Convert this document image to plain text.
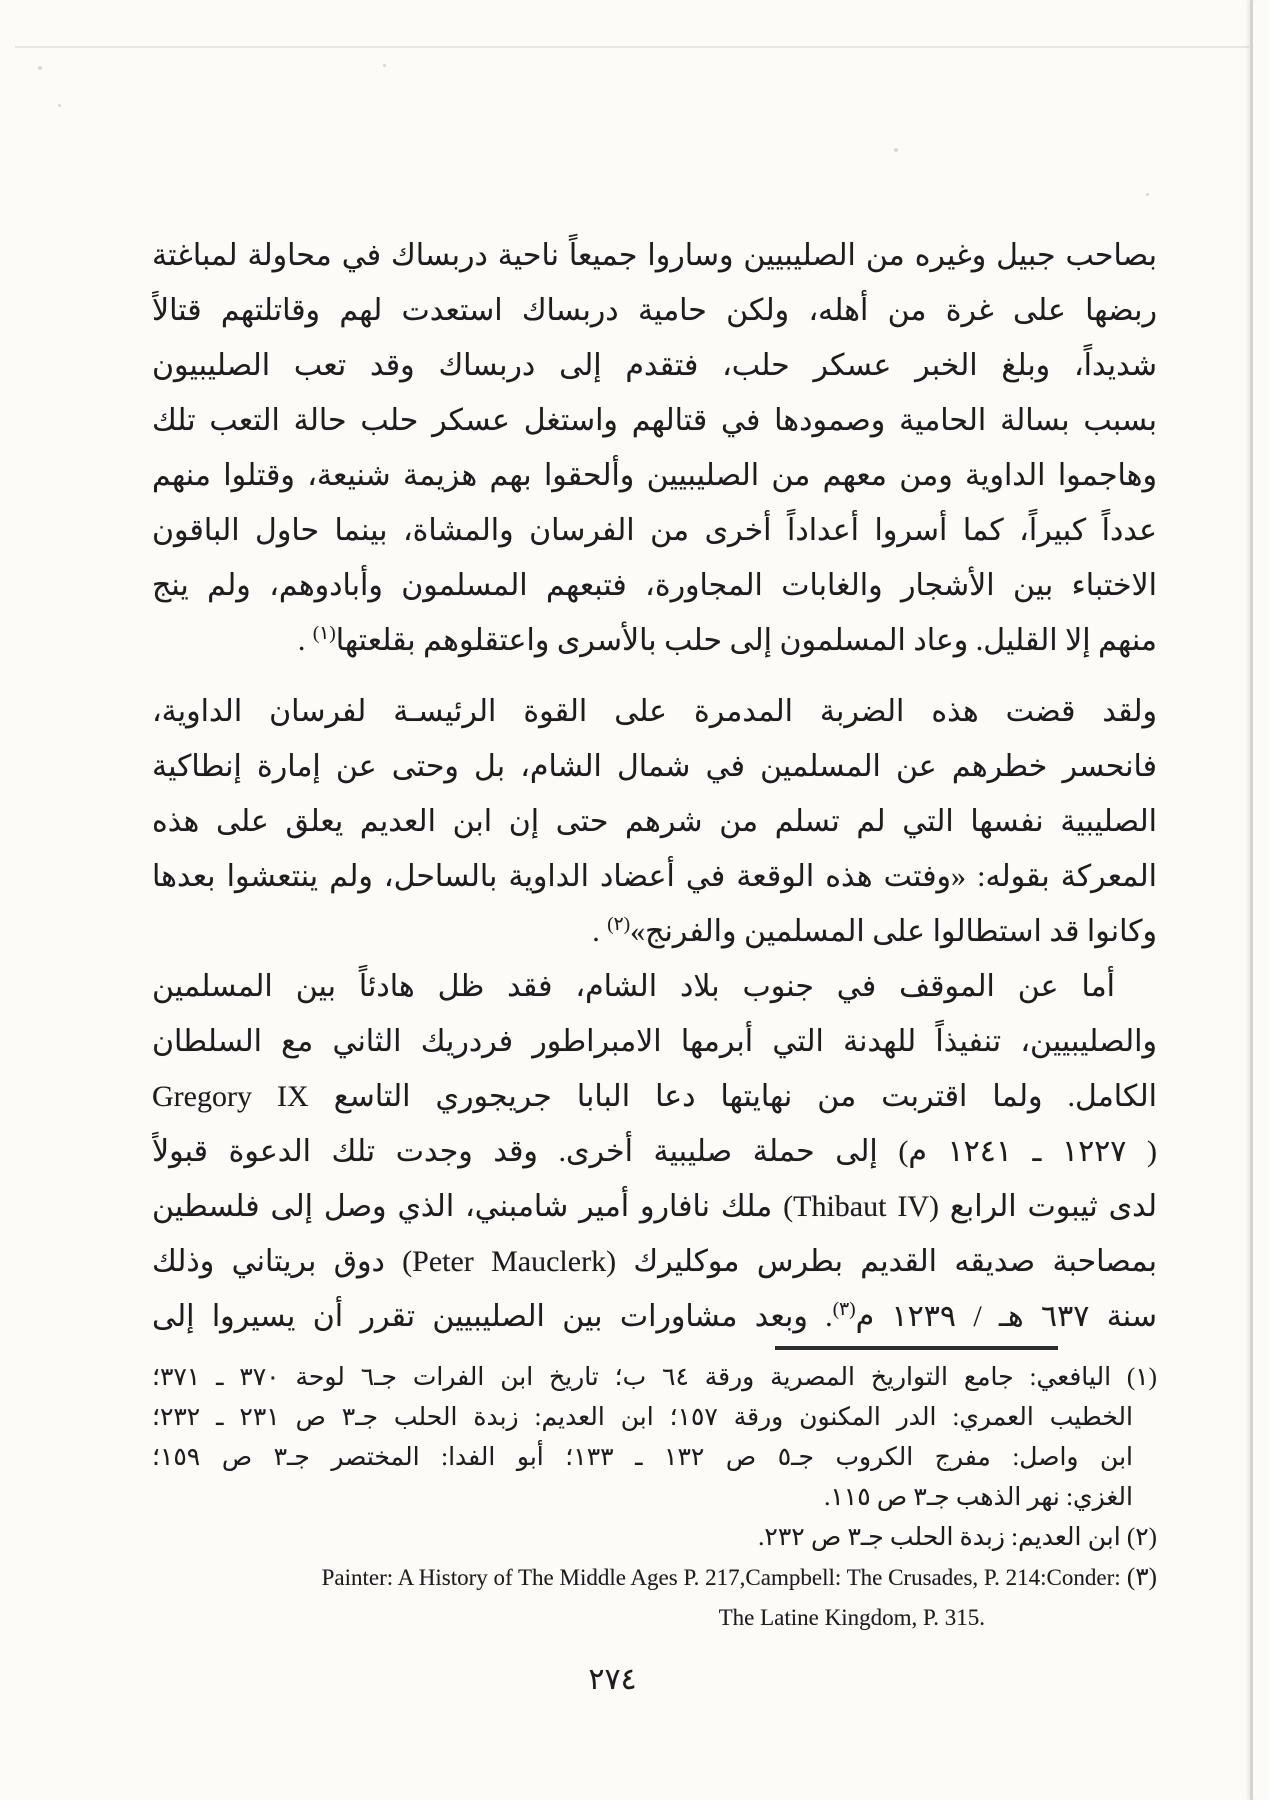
بصاحب جبيل وغيره من الصليبيين وساروا جميعاً ناحية دربساك في محاولة لمباغتة
ربضها على غرة من أهله، ولكن حامية دربساك استعدت لهم وقاتلتهم قتالاً
شديداً، وبلغ الخبر عسكر حلب، فتقدم إلى دربساك وقد تعب الصليبيون
بسبب بسالة الحامية وصمودها في قتالهم واستغل عسكر حلب حالة التعب تلك
وهاجموا الداوية ومن معهم من الصليبيين وألحقوا بهم هزيمة شنيعة، وقتلوا منهم
عدداً كبيراً، كما أسروا أعداداً أخرى من الفرسان والمشاة، بينما حاول الباقون
الاختباء بين الأشجار والغابات المجاورة، فتبعهم المسلمون وأبادوهم، ولم ينج
منهم إلا القليل. وعاد المسلمون إلى حلب بالأسرى واعتقلوهم بقلعتها$^{(١)}$ .
ولقد قضت هذه الضربة المدمرة على القوة الرئيسـة لفرسان الداوية،
فانحسر خطرهم عن المسلمين في شمال الشام، بل وحتى عن إمارة إنطاكية
الصليبية نفسها التي لم تسلم من شرهم حتى إن ابن العديم يعلق على هذه
المعركة بقوله: «وفتت هذه الوقعة في أعضاد الداوية بالساحل، ولم ينتعشوا بعدها
وكانوا قد استطالوا على المسلمين والفرنج»$^{(٢)}$ .
أما عن الموقف في جنوب بلاد الشام، فقد ظل هادئاً بين المسلمين
والصليبيين، تنفيذاً للهدنة التي أبرمها الامبراطور فردريك الثاني مع السلطان
الكامل. ولما اقتربت من نهايتها دعا البابا جريجوري التاسع Gregory IX
( ١٢٢٧ ـ ١٢٤١ م) إلى حملة صليبية أخرى. وقد وجدت تلك الدعوة قبولاً
لدى ثيبوت الرابع (Thibaut IV) ملك نافارو أمير شامبني، الذي وصل إلى فلسطين
بمصاحبة صديقه القديم بطرس موكليرك (Peter Mauclerk) دوق بريتاني وذلك
سنة ٦٣٧ هـ / ١٢٣٩ م$^{(٣)}$. وبعد مشاورات بين الصليبيين تقرر أن يسيروا إلى
(١) اليافعي: جامع التواريخ المصرية ورقة ٦٤ ب؛ تاريخ ابن الفرات جـ٦ لوحة ٣٧٠ ـ ٣٧١؛
الخطيب العمري: الدر المكنون ورقة ١٥٧؛ ابن العديم: زبدة الحلب جـ٣ ص ٢٣١ ـ ٢٣٢؛
ابن واصل: مفرج الكروب جـ٥ ص ١٣٢ ـ ١٣٣؛ أبو الفدا: المختصر جـ٣ ص ١٥٩؛
الغزي: نهر الذهب جـ٣ ص ١١٥.
(٢) ابن العديم: زبدة الحلب جـ٣ ص ٢٣٢.
(٣) Painter: A History of The Middle Ages P. 217,Campbell: The Crusades, P. 214:Conder:
The Latine Kingdom, P. 315.
٢٧٤
